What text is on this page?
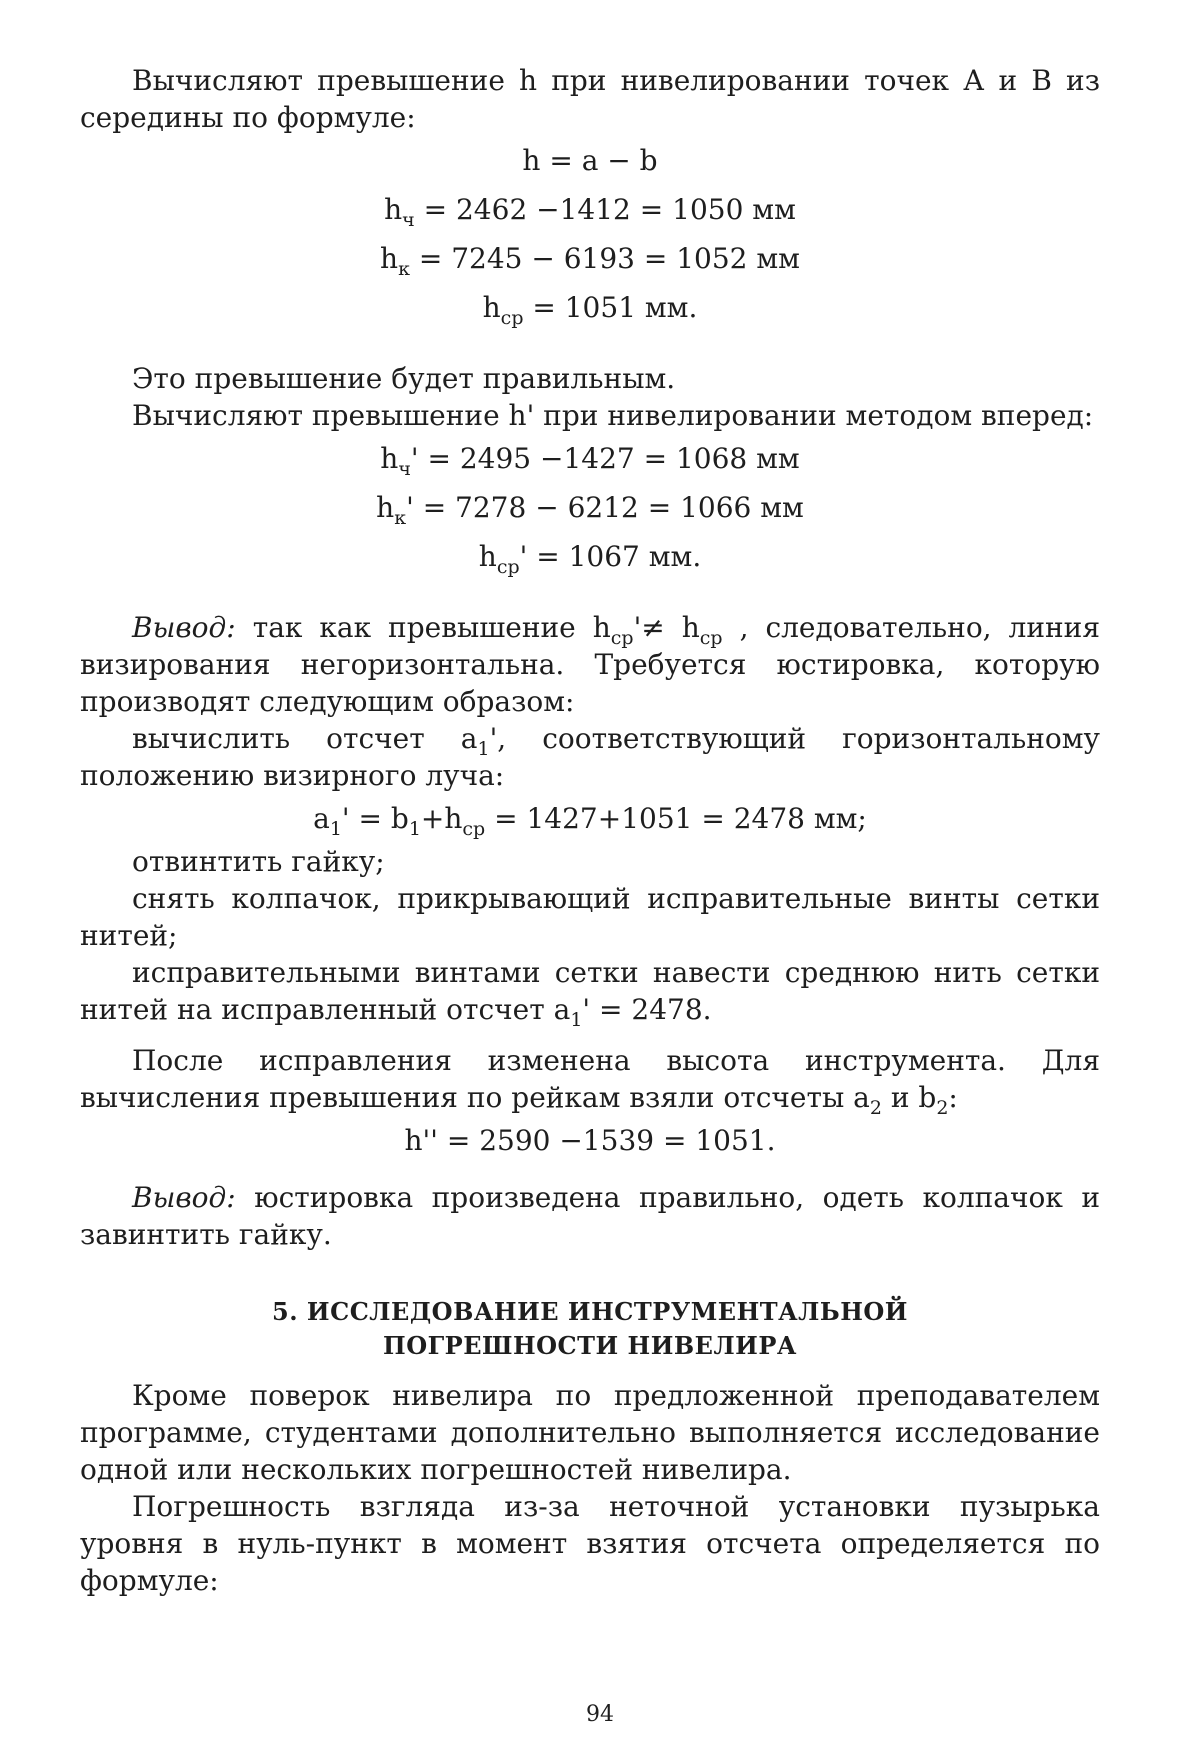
Вычисляют превышение h при нивелировании точек А и В из середины по формуле:

h = a − b

$h_ч = 2462 -1412 = 1050$ мм

$h_к = 7245 - 6193 = 1052$ мм

$h_{ср} = 1051$ мм.

Это превышение будет правильным.

Вычисляют превышение h' при нивелировании методом вперед:

$h_ч' = 2495 -1427 = 1068$ мм

$h_к' = 7278 - 6212 = 1066$ мм

$h_{ср}' = 1067$ мм.

Вывод: так как превышение $h_{ср}'\ne h_{ср}$ , следовательно, линия визирования негоризонтальна. Требуется юстировка, которую производят следующим образом:

вычислить отсчет $a_1'$, соответствующий горизонтальному положению визирного луча:

$a_1' = b_1+h_{ср} = 1427+1051 = 2478$ мм;

отвинтить гайку;

снять колпачок, прикрывающий исправительные винты сетки нитей;

исправительными винтами сетки навести среднюю нить сетки нитей на исправленный отсчет $a_1' = 2478$.

После исправления изменена высота инструмента. Для вычисления превышения по рейкам взяли отсчеты $a_2$ и $b_2$:

h'' = 2590 −1539 = 1051.

Вывод: юстировка произведена правильно, одеть колпачок и завинтить гайку.

5. ИССЛЕДОВАНИЕ ИНСТРУМЕНТАЛЬНОЙ

ПОГРЕШНОСТИ НИВЕЛИРА

Кроме поверок нивелира по предложенной преподавателем программе, студентами дополнительно выполняется исследование одной или нескольких погрешностей нивелира.

Погрешность взгляда из-за неточной установки пузырька уровня в нуль-пункт в момент взятия отсчета определяется по формуле:

94
